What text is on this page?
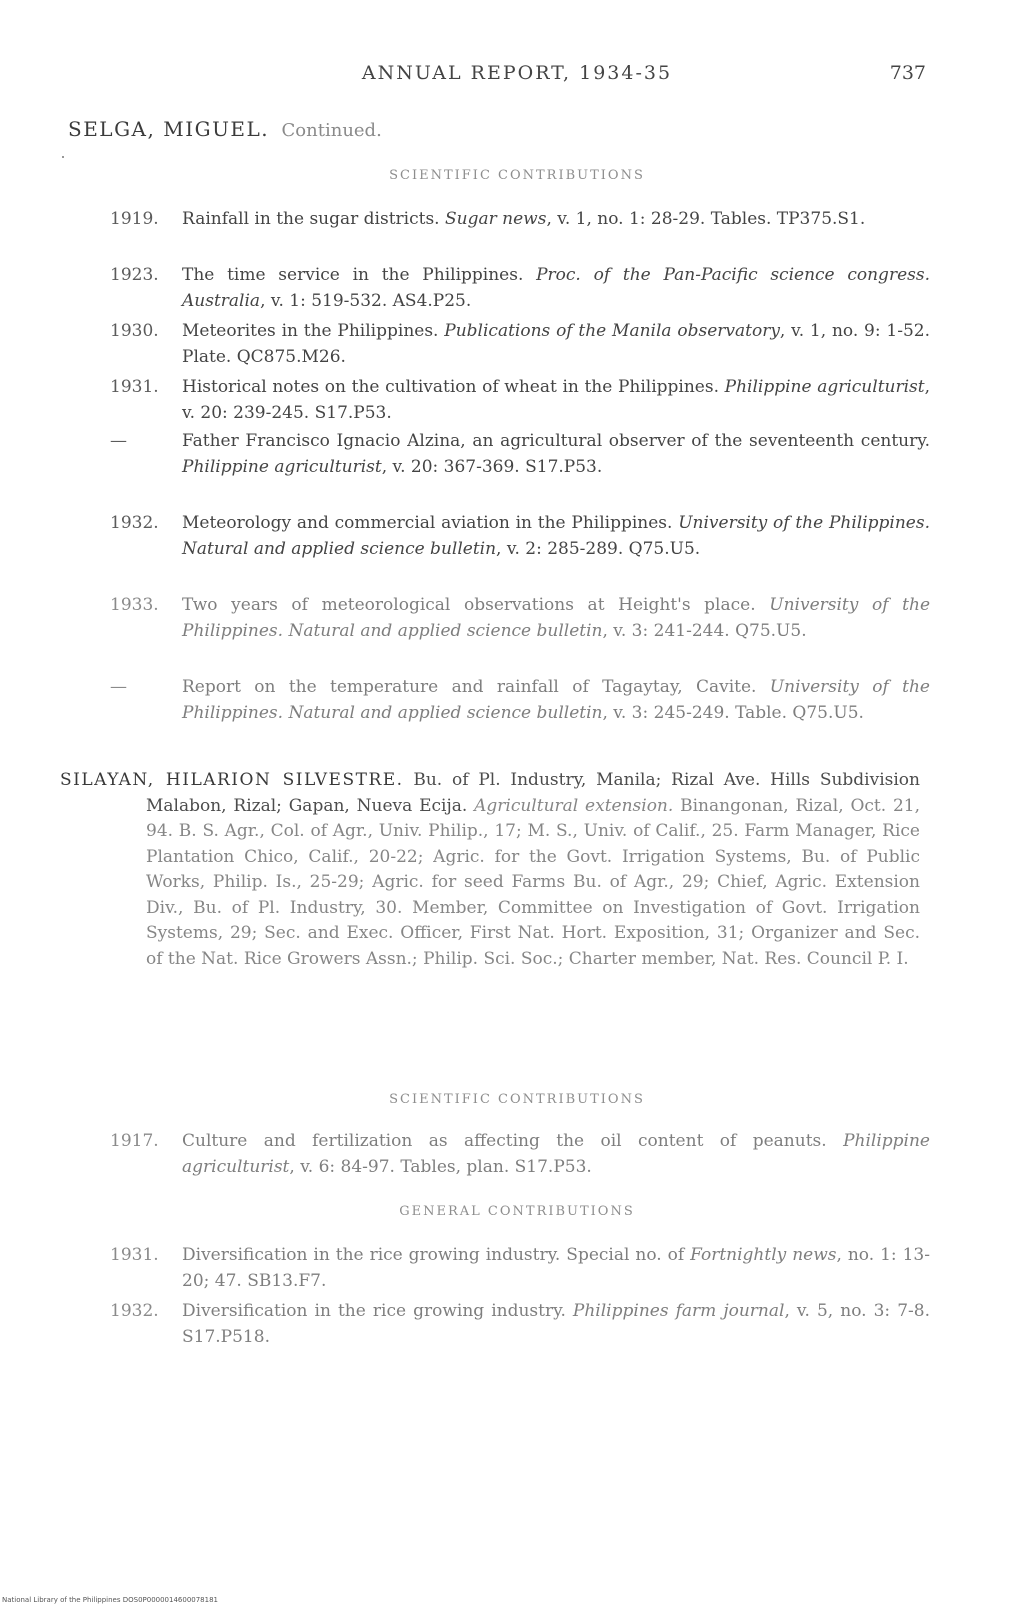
ANNUAL REPORT, 1934-35	737
SELGA, MIGUEL. Continued.
SCIENTIFIC CONTRIBUTIONS
1919.	Rainfall in the sugar districts. Sugar news, v. 1, no. 1: 28-29. Tables. TP375.S1.
1923.	The time service in the Philippines. Proc. of the Pan-Pacific science congress. Australia, v. 1: 519-532. AS4.P25.
1930.	Meteorites in the Philippines. Publications of the Manila observatory, v. 1, no. 9: 1-52. Plate. QC875.M26.
1931.	Historical notes on the cultivation of wheat in the Philippines. Philippine agriculturist, v. 20: 239-245. S17.P53.
—	Father Francisco Ignacio Alzina, an agricultural observer of the seventeenth century. Philippine agriculturist, v. 20: 367-369. S17.P53.
1932.	Meteorology and commercial aviation in the Philippines. University of the Philippines. Natural and applied science bulletin, v. 2: 285-289. Q75.U5.
1933.	Two years of meteorological observations at Height's place. University of the Philippines. Natural and applied science bulletin, v. 3: 241-244. Q75.U5.
—	Report on the temperature and rainfall of Tagaytay, Cavite. University of the Philippines. Natural and applied science bulletin, v. 3: 245-249. Table. Q75.U5.
SILAYAN, HILARION SILVESTRE. Bu. of Pl. Industry, Manila; Rizal Ave. Hills Subdivision Malabon, Rizal; Gapan, Nueva Ecija. Agricultural extension. Binangonan, Rizal, Oct. 21, 94. B. S. Agr., Col. of Agr., Univ. Philip., 17; M. S., Univ. of Calif., 25. Farm Manager, Rice Plantation Chico, Calif., 20-22; Agric. for the Govt. Irrigation Systems, Bu. of Public Works, Philip. Is., 25-29; Agric. for seed Farms Bu. of Agr., 29; Chief, Agric. Extension Div., Bu. of Pl. Industry, 30. Member, Committee on Investigation of Govt. Irrigation Systems, 29; Sec. and Exec. Officer, First Nat. Hort. Exposition, 31; Organizer and Sec. of the Nat. Rice Growers Assn.; Philip. Sci. Soc.; Charter member, Nat. Res. Council P. I.
SCIENTIFIC CONTRIBUTIONS
1917.	Culture and fertilization as affecting the oil content of peanuts. Philippine agriculturist, v. 6: 84-97. Tables, plan. S17.P53.
GENERAL CONTRIBUTIONS
1931.	Diversification in the rice growing industry. Special no. of Fortnightly news, no. 1: 13-20; 47. SB13.F7.
1932.	Diversification in the rice growing industry. Philippines farm journal, v. 5, no. 3: 7-8. S17.P518.
National Library of the Philippines DOS0P0000014600078181
